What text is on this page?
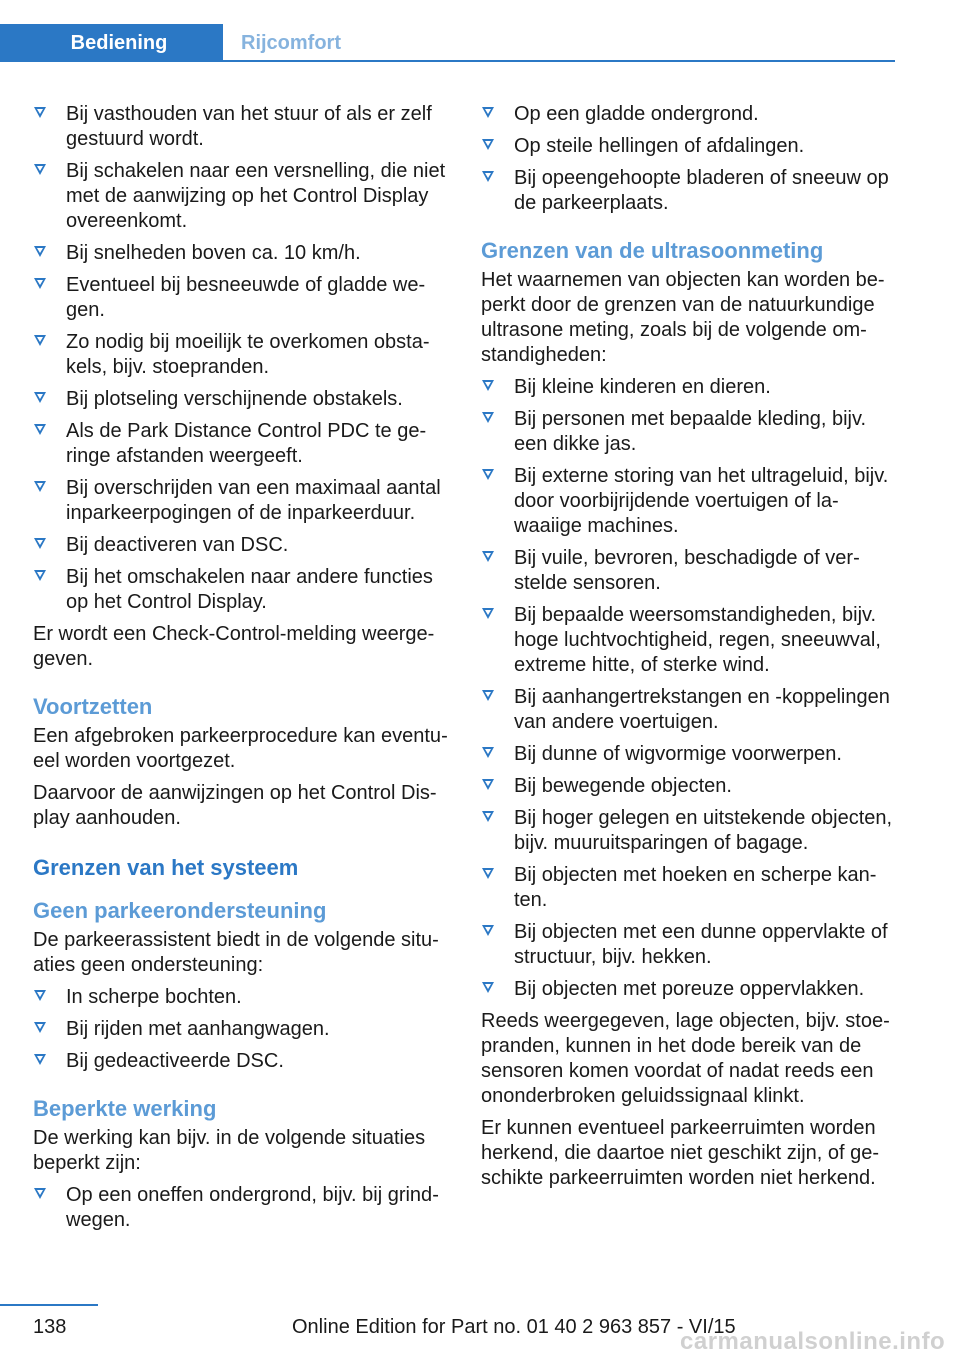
Bediening	Rijcomfort
Bij vasthouden van het stuur of als er zelf gestuurd wordt.
Bij schakelen naar een versnelling, die niet met de aanwijzing op het Control Display overeenkomt.
Bij snelheden boven ca. 10 km/h.
Eventueel bij besneeuwde of gladde wegen.
Zo nodig bij moeilijk te overkomen obstakels, bijv. stoepranden.
Bij plotseling verschijnende obstakels.
Als de Park Distance Control PDC te geringe afstanden weergeeft.
Bij overschrijden van een maximaal aantal inparkeerpogingen of de inparkeerduur.
Bij deactiveren van DSC.
Bij het omschakelen naar andere functies op het Control Display.

Er wordt een Check-Control-melding weergegeven.

Voortzetten

Een afgebroken parkeerprocedure kan eventueel worden voortgezet.

Daarvoor de aanwijzingen op het Control Display aanhouden.

Grenzen van het systeem
Geen parkeerondersteuning

De parkeerassistent biedt in de volgende situaties geen ondersteuning:

In scherpe bochten.
Bij rijden met aanhangwagen.
Bij gedeactiveerde DSC.
Beperkte werking

De werking kan bijv. in de volgende situaties beperkt zijn:

Op een oneffen ondergrond, bijv. bij grindwegen.
Op een gladde ondergrond.
Op steile hellingen of afdalingen.
Bij opeengehoopte bladeren of sneeuw op de parkeerplaats.
Grenzen van de ultrasoonmeting

Het waarnemen van objecten kan worden beperkt door de grenzen van de natuurkundige ultrasone meting, zoals bij de volgende omstandigheden:

Bij kleine kinderen en dieren.
Bij personen met bepaalde kleding, bijv. een dikke jas.
Bij externe storing van het ultrageluid, bijv. door voorbijrijdende voertuigen of lawaaiige machines.
Bij vuile, bevroren, beschadigde of verstelde sensoren.
Bij bepaalde weersomstandigheden, bijv. hoge luchtvochtigheid, regen, sneeuwval, extreme hitte, of sterke wind.
Bij aanhangertrekstangen en -koppelingen van andere voertuigen.
Bij dunne of wigvormige voorwerpen.
Bij bewegende objecten.
Bij hoger gelegen en uitstekende objecten, bijv. muuruitsparingen of bagage.
Bij objecten met hoeken en scherpe kanten.
Bij objecten met een dunne oppervlakte of structuur, bijv. hekken.
Bij objecten met poreuze oppervlakken.

Reeds weergegeven, lage objecten, bijv. stoepranden, kunnen in het dode bereik van de sensoren komen voordat of nadat reeds een ononderbroken geluidssignaal klinkt.

Er kunnen eventueel parkeerruimten worden herkend, die daartoe niet geschikt zijn, of geschikte parkeerruimten worden niet herkend.

138	Online Edition for Part no. 01 40 2 963 857 - VI/15
carmanualsonline.info
